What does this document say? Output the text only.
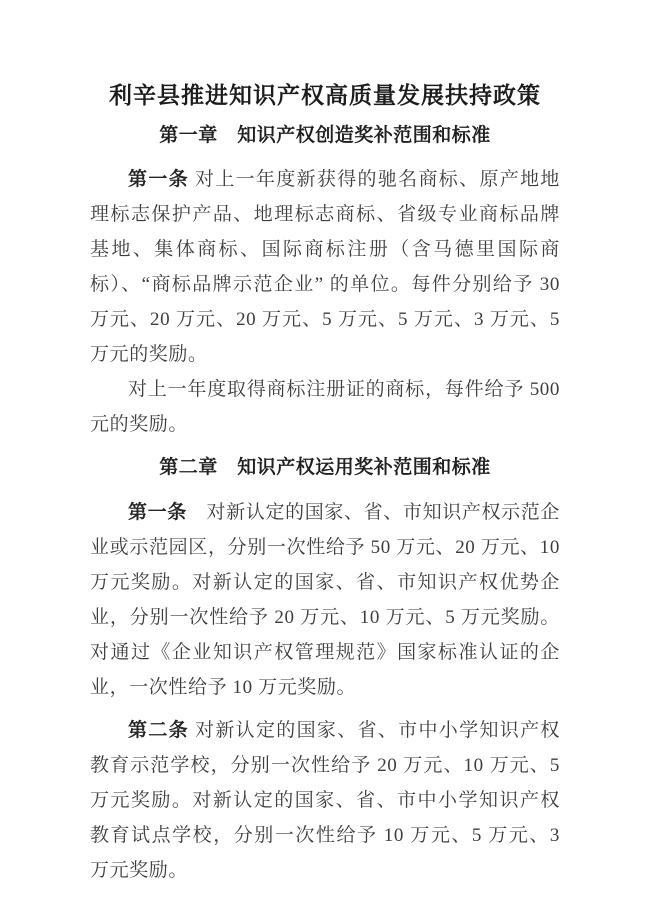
利辛县推进知识产权高质量发展扶持政策
第一章　知识产权创造奖补范围和标准

第一条 对上一年度新获得的驰名商标、原产地地理标志保护产品、地理标志商标、省级专业商标品牌基地、集体商标、国际商标注册（含马德里国际商标）、“商标品牌示范企业” 的单位。每件分别给予 30 万元、20 万元、20 万元、5 万元、5 万元、3 万元、5 万元的奖励。

对上一年度取得商标注册证的商标，每件给予 500 元的奖励。

第二章　知识产权运用奖补范围和标准

第一条　对新认定的国家、省、市知识产权示范企业或示范园区，分别一次性给予 50 万元、20 万元、10 万元奖励。对新认定的国家、省、市知识产权优势企业，分别一次性给予 20 万元、10 万元、5 万元奖励。对通过《企业知识产权管理规范》国家标准认证的企业，一次性给予 10 万元奖励。

第二条 对新认定的国家、省、市中小学知识产权教育示范学校，分别一次性给予 20 万元、10 万元、5 万元奖励。对新认定的国家、省、市中小学知识产权教育试点学校，分别一次性给予 10 万元、5 万元、3 万元奖励。
